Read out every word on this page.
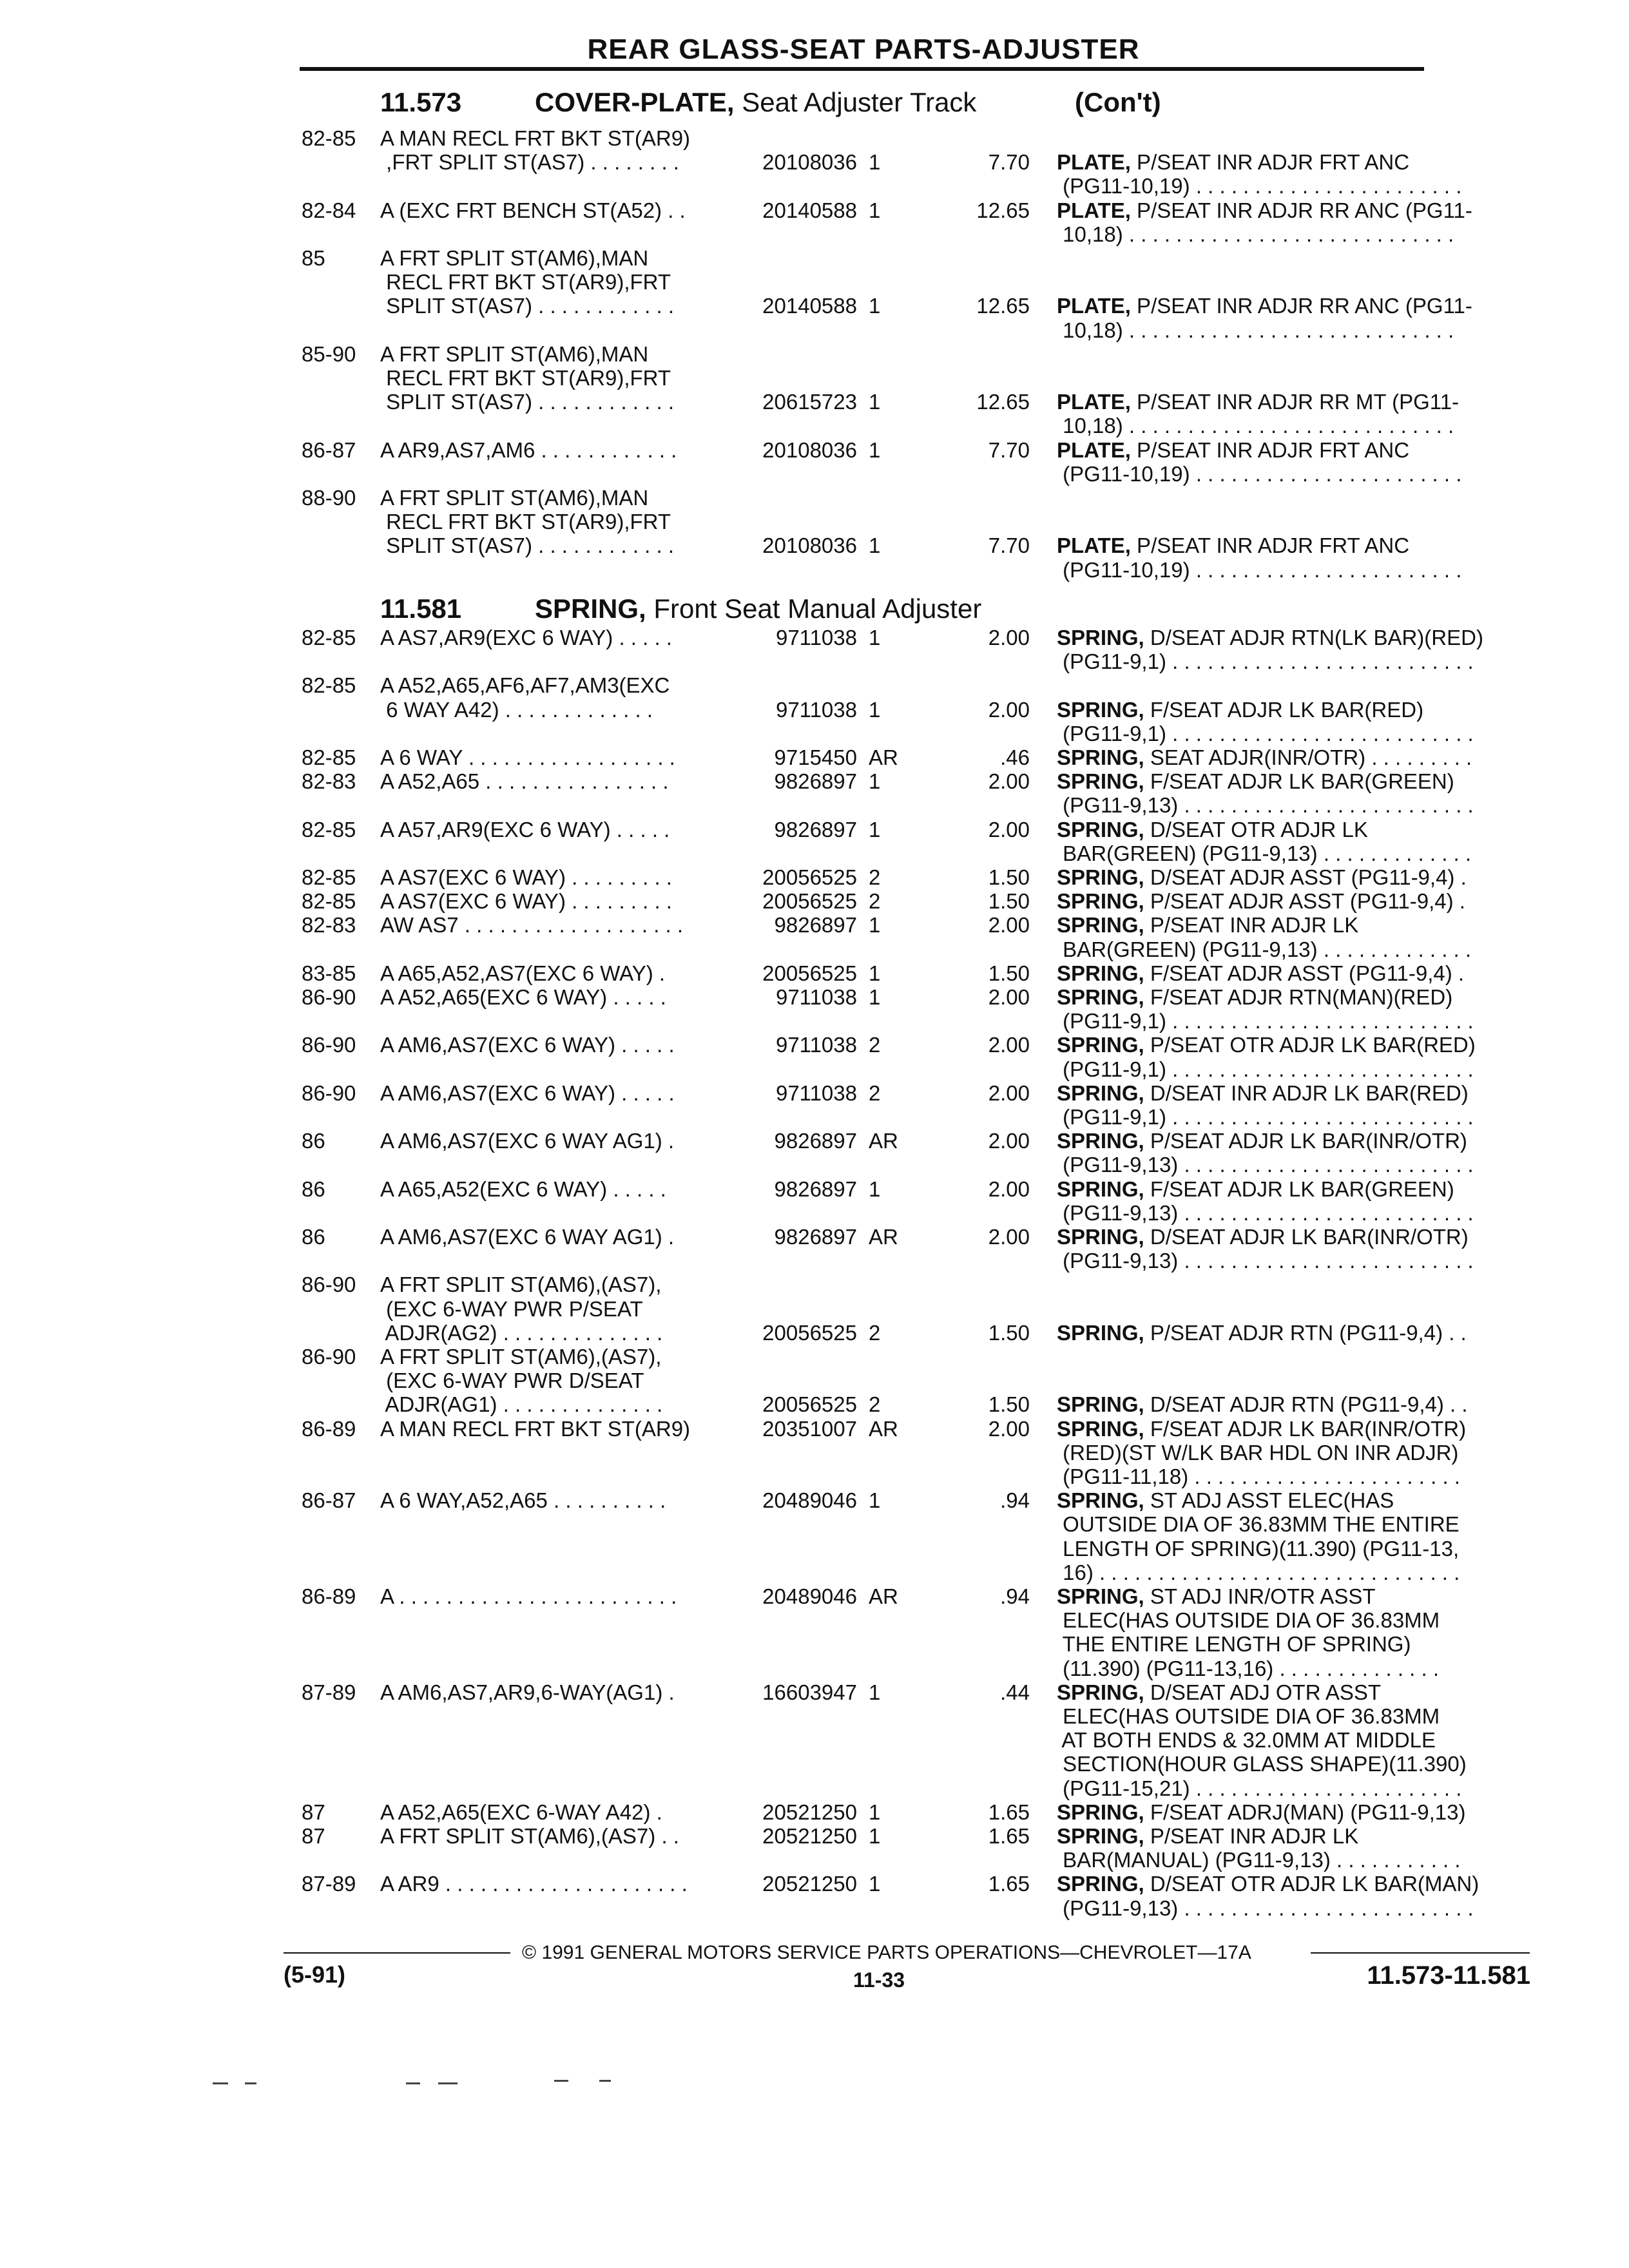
REAR GLASS-SEAT PARTS-ADJUSTER
11.573	COVER-PLATE, Seat Adjuster Track	(Con't)
11.581	SPRING, Front Seat Manual Adjuster
82-85 A MAN RECL FRT BKT ST(AR9)
,FRT SPLIT ST(AS7) . . . . . . . .	20108036 1	7.70 PLATE, P/SEAT INR ADJR FRT ANC
(PG11-10,19) . . . . . . . . . . . . . . . . . . . . . . .
82-84 A (EXC FRT BENCH ST(A52) . .	20140588 1	12.65 PLATE, P/SEAT INR ADJR RR ANC (PG11-
10,18) . . . . . . . . . . . . . . . . . . . . . . . . . . . .
85	A FRT SPLIT ST(AM6),MAN
RECL FRT BKT ST(AR9),FRT
SPLIT ST(AS7) . . . . . . . . . . . .	20140588 1	12.65 PLATE, P/SEAT INR ADJR RR ANC (PG11-
10,18) . . . . . . . . . . . . . . . . . . . . . . . . . . . .
85-90 A FRT SPLIT ST(AM6),MAN
RECL FRT BKT ST(AR9),FRT
SPLIT ST(AS7) . . . . . . . . . . . .	20615723 1	12.65 PLATE, P/SEAT INR ADJR RR MT (PG11-
10,18) . . . . . . . . . . . . . . . . . . . . . . . . . . . .
86-87 A AR9,AS7,AM6 . . . . . . . . . . . .	20108036 1	7.70 PLATE, P/SEAT INR ADJR FRT ANC
(PG11-10,19) . . . . . . . . . . . . . . . . . . . . . . .
88-90 A FRT SPLIT ST(AM6),MAN
RECL FRT BKT ST(AR9),FRT
SPLIT ST(AS7) . . . . . . . . . . . .	20108036 1	7.70 PLATE, P/SEAT INR ADJR FRT ANC
(PG11-10,19) . . . . . . . . . . . . . . . . . . . . . . .
82-85 A AS7,AR9(EXC 6 WAY) . . . . .	9711038 1	2.00 SPRING, D/SEAT ADJR RTN(LK BAR)(RED)
(PG11-9,1) . . . . . . . . . . . . . . . . . . . . . . . . . .
82-85 A A52,A65,AF6,AF7,AM3(EXC
6 WAY A42) . . . . . . . . . . . . .	9711038 1	2.00 SPRING, F/SEAT ADJR LK BAR(RED)
(PG11-9,1) . . . . . . . . . . . . . . . . . . . . . . . . . .
82-85 A 6 WAY . . . . . . . . . . . . . . . . . .	9715450 AR	.46 SPRING, SEAT ADJR(INR/OTR) . . . . . . . . .
82-83 A A52,A65 . . . . . . . . . . . . . . . .	9826897 1	2.00 SPRING, F/SEAT ADJR LK BAR(GREEN)
(PG11-9,13) . . . . . . . . . . . . . . . . . . . . . . . . .
82-85 A A57,AR9(EXC 6 WAY) . . . . .	9826897 1	2.00 SPRING, D/SEAT OTR ADJR LK
BAR(GREEN) (PG11-9,13) . . . . . . . . . . . . .
82-85 A AS7(EXC 6 WAY) . . . . . . . . .	20056525 2	1.50 SPRING, D/SEAT ADJR ASST (PG11-9,4) .
82-85 A AS7(EXC 6 WAY) . . . . . . . . .	20056525 2	1.50 SPRING, P/SEAT ADJR ASST (PG11-9,4) .
82-83 AW AS7 . . . . . . . . . . . . . . . . . . .	9826897 1	2.00 SPRING, P/SEAT INR ADJR LK
BAR(GREEN) (PG11-9,13) . . . . . . . . . . . . .
83-85 A A65,A52,AS7(EXC 6 WAY) .	20056525 1	1.50 SPRING, F/SEAT ADJR ASST (PG11-9,4) .
86-90 A A52,A65(EXC 6 WAY) . . . . .	9711038 1	2.00 SPRING, F/SEAT ADJR RTN(MAN)(RED)
(PG11-9,1) . . . . . . . . . . . . . . . . . . . . . . . . . .
86-90 A AM6,AS7(EXC 6 WAY) . . . . .	9711038 2	2.00 SPRING, P/SEAT OTR ADJR LK BAR(RED)
(PG11-9,1) . . . . . . . . . . . . . . . . . . . . . . . . . .
86-90 A AM6,AS7(EXC 6 WAY) . . . . .	9711038 2	2.00 SPRING, D/SEAT INR ADJR LK BAR(RED)
(PG11-9,1) . . . . . . . . . . . . . . . . . . . . . . . . . .
86	A AM6,AS7(EXC 6 WAY AG1) .	9826897 AR	2.00 SPRING, P/SEAT ADJR LK BAR(INR/OTR)
(PG11-9,13) . . . . . . . . . . . . . . . . . . . . . . . . .
86	A A65,A52(EXC 6 WAY) . . . . .	9826897 1	2.00 SPRING, F/SEAT ADJR LK BAR(GREEN)
(PG11-9,13) . . . . . . . . . . . . . . . . . . . . . . . . .
86	A AM6,AS7(EXC 6 WAY AG1) .	9826897 AR	2.00 SPRING, D/SEAT ADJR LK BAR(INR/OTR)
(PG11-9,13) . . . . . . . . . . . . . . . . . . . . . . . . .
86-90 A FRT SPLIT ST(AM6),(AS7),
(EXC 6-WAY PWR P/SEAT
ADJR(AG2) . . . . . . . . . . . . . .	20056525 2	1.50 SPRING, P/SEAT ADJR RTN (PG11-9,4) . .
86-90 A FRT SPLIT ST(AM6),(AS7),
(EXC 6-WAY PWR D/SEAT
ADJR(AG1) . . . . . . . . . . . . . .	20056525 2	1.50 SPRING, D/SEAT ADJR RTN (PG11-9,4) . .
86-89 A MAN RECL FRT BKT ST(AR9)	20351007 AR	2.00 SPRING, F/SEAT ADJR LK BAR(INR/OTR)
(RED)(ST W/LK BAR HDL ON INR ADJR)
(PG11-11,18) . . . . . . . . . . . . . . . . . . . . . . .
86-87 A 6 WAY,A52,A65 . . . . . . . . . .	20489046 1	.94 SPRING, ST ADJ ASST ELEC(HAS
OUTSIDE DIA OF 36.83MM THE ENTIRE
LENGTH OF SPRING)(11.390) (PG11-13,
16) . . . . . . . . . . . . . . . . . . . . . . . . . . . . . . .
86-89 A . . . . . . . . . . . . . . . . . . . . . . . .	20489046 AR	.94 SPRING, ST ADJ INR/OTR ASST
ELEC(HAS OUTSIDE DIA OF 36.83MM
THE ENTIRE LENGTH OF SPRING)
(11.390) (PG11-13,16) . . . . . . . . . . . . . .
87-89 A AM6,AS7,AR9,6-WAY(AG1) .	16603947 1	.44 SPRING, D/SEAT ADJ OTR ASST
ELEC(HAS OUTSIDE DIA OF 36.83MM
AT BOTH ENDS & 32.0MM AT MIDDLE
SECTION(HOUR GLASS SHAPE)(11.390)
(PG11-15,21) . . . . . . . . . . . . . . . . . . . . . . .
87	A A52,A65(EXC 6-WAY A42) .	20521250 1	1.65 SPRING, F/SEAT ADRJ(MAN) (PG11-9,13)
87	A FRT SPLIT ST(AM6),(AS7) . .	20521250 1	1.65 SPRING, P/SEAT INR ADJR LK
BAR(MANUAL) (PG11-9,13) . . . . . . . . . . .
87-89 A AR9 . . . . . . . . . . . . . . . . . . . . .	20521250 1	1.65 SPRING, D/SEAT OTR ADJR LK BAR(MAN)
(PG11-9,13) . . . . . . . . . . . . . . . . . . . . . . . . .
© 1991 GENERAL MOTORS SERVICE PARTS OPERATIONS—CHEVROLET—17A
(5-91)	11-33	11.573-11.581
